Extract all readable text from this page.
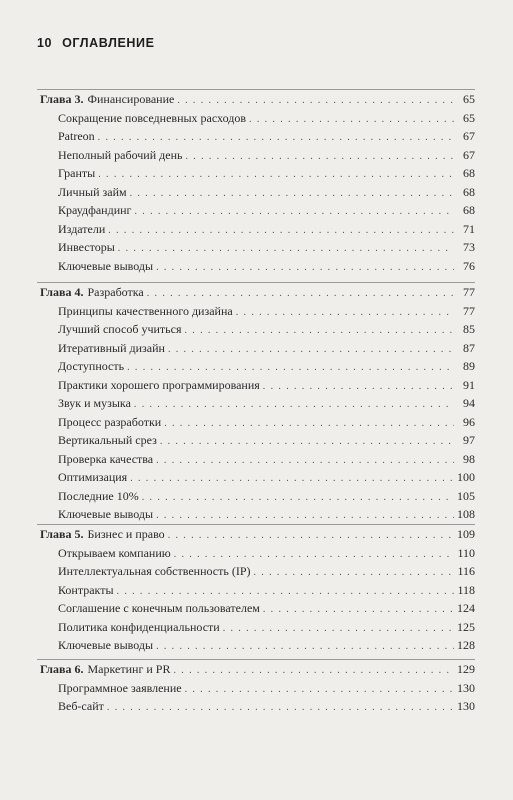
10 ОГЛАВЛЕНИЕ
Глава 3. Финансирование . . .	65
Сокращение повседневных расходов . . .	65
Patreon . . .	67
Неполный рабочий день . . .	67
Гранты . . .	68
Личный займ . . .	68
Краудфандинг . . .	68
Издатели . . .	71
Инвесторы . . .	73
Ключевые выводы . . .	76
Глава 4. Разработка . . .	77
Принципы качественного дизайна . . .	77
Лучший способ учиться . . .	85
Итеративный дизайн . . .	87
Доступность . . .	89
Практики хорошего программирования . . .	91
Звук и музыка . . .	94
Процесс разработки . . .	96
Вертикальный срез . . .	97
Проверка качества . . .	98
Оптимизация . . .	100
Последние 10% . . .	105
Ключевые выводы . . .	108
Глава 5. Бизнес и право . . .	109
Открываем компанию . . .	110
Интеллектуальная собственность (IP) . . .	116
Контракты . . .	118
Соглашение с конечным пользователем . . .	124
Политика конфиденциальности . . .	125
Ключевые выводы . . .	128
Глава 6. Маркетинг и PR . . .	129
Программное заявление . . .	130
Веб-сайт . . .	130
